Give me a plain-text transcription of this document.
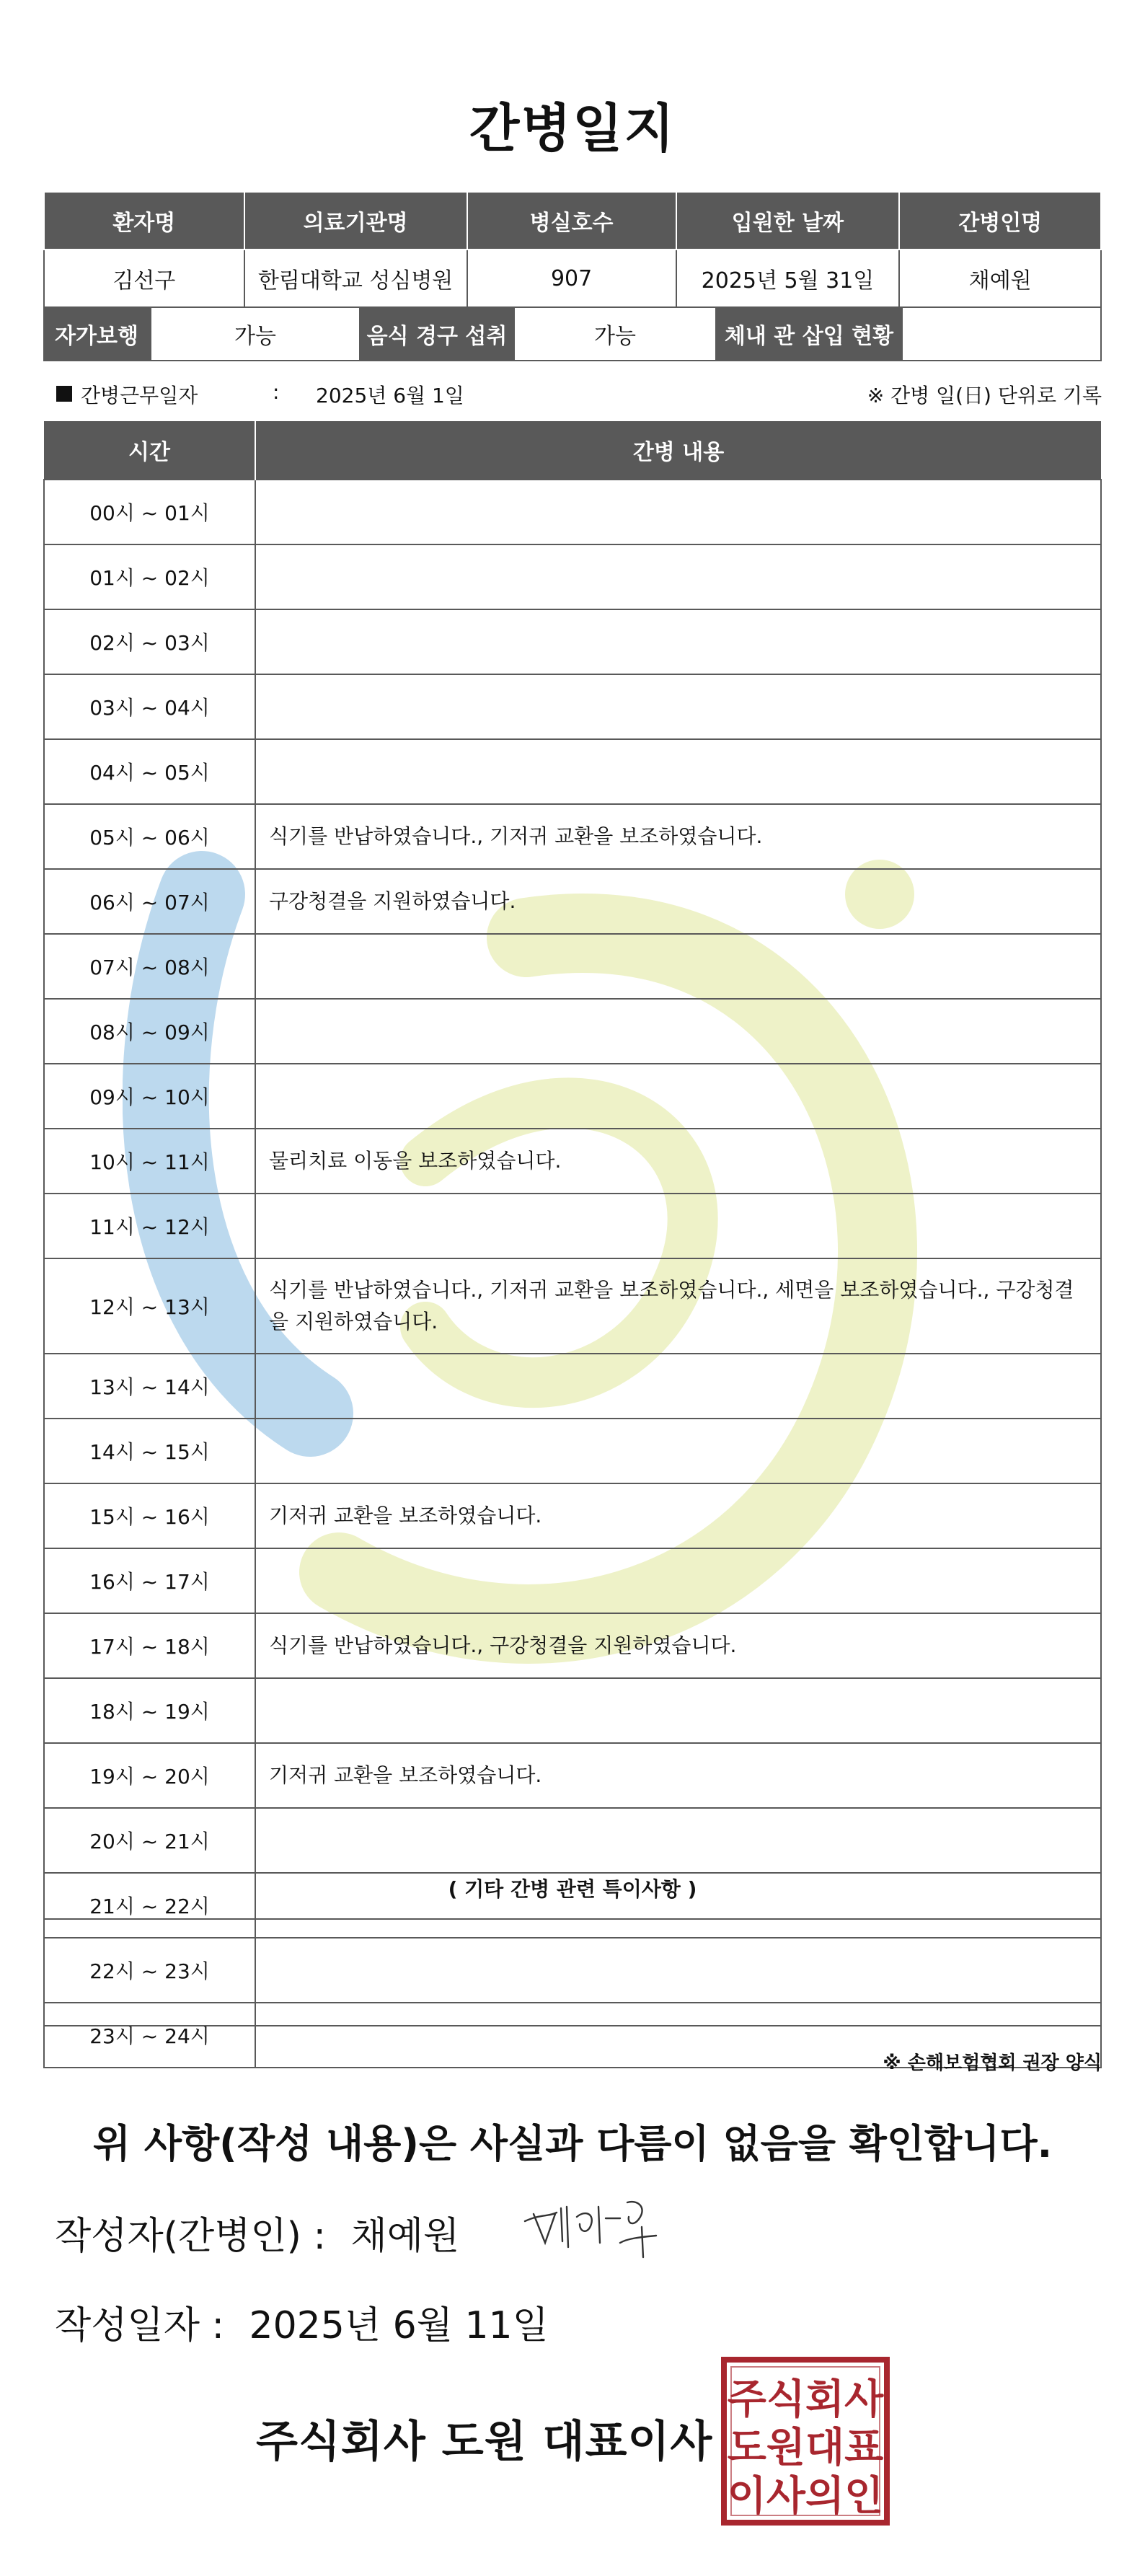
간병일지
환자명	의료기관명	병실호수	입원한 날짜	간병인명
김선구	한림대학교 성심병원	907	2025년 5월 31일	채예원
자가보행	가능	음식 경구 섭취	가능	체내 관 삽입 현황
간병근무일자	: 2025년 6월 1일	※ 간병 일(日) 단위로 기록
시간	간병 내용
00시 ~ 01시	
01시 ~ 02시	
02시 ~ 03시	
03시 ~ 04시	
04시 ~ 05시	
05시 ~ 06시	식기를 반납하였습니다., 기저귀 교환을 보조하였습니다.
06시 ~ 07시	구강청결을 지원하였습니다.
07시 ~ 08시	
08시 ~ 09시	
09시 ~ 10시	
10시 ~ 11시	물리치료 이동을 보조하였습니다.
11시 ~ 12시	
12시 ~ 13시	식기를 반납하였습니다., 기저귀 교환을 보조하였습니다., 세면을 보조하였습니다., 구강청결을 지원하였습니다.
13시 ~ 14시	
14시 ~ 15시	
15시 ~ 16시	기저귀 교환을 보조하였습니다.
16시 ~ 17시	
17시 ~ 18시	식기를 반납하였습니다., 구강청결을 지원하였습니다.
18시 ~ 19시	
19시 ~ 20시	기저귀 교환을 보조하였습니다.
20시 ~ 21시	
21시 ~ 22시	
22시 ~ 23시	
23시 ~ 24시	
( 기타 간병 관련 특이사항 )
※ 손해보험협회 권장 양식
위 사항(작성 내용)은 사실과 다름이 없음을 확인합니다.
작성자(간병인) : 채예원
작성일자 : 2025년 6월 11일
주식회사 도원 대표이사
주식회사
도원대표
이사의인
